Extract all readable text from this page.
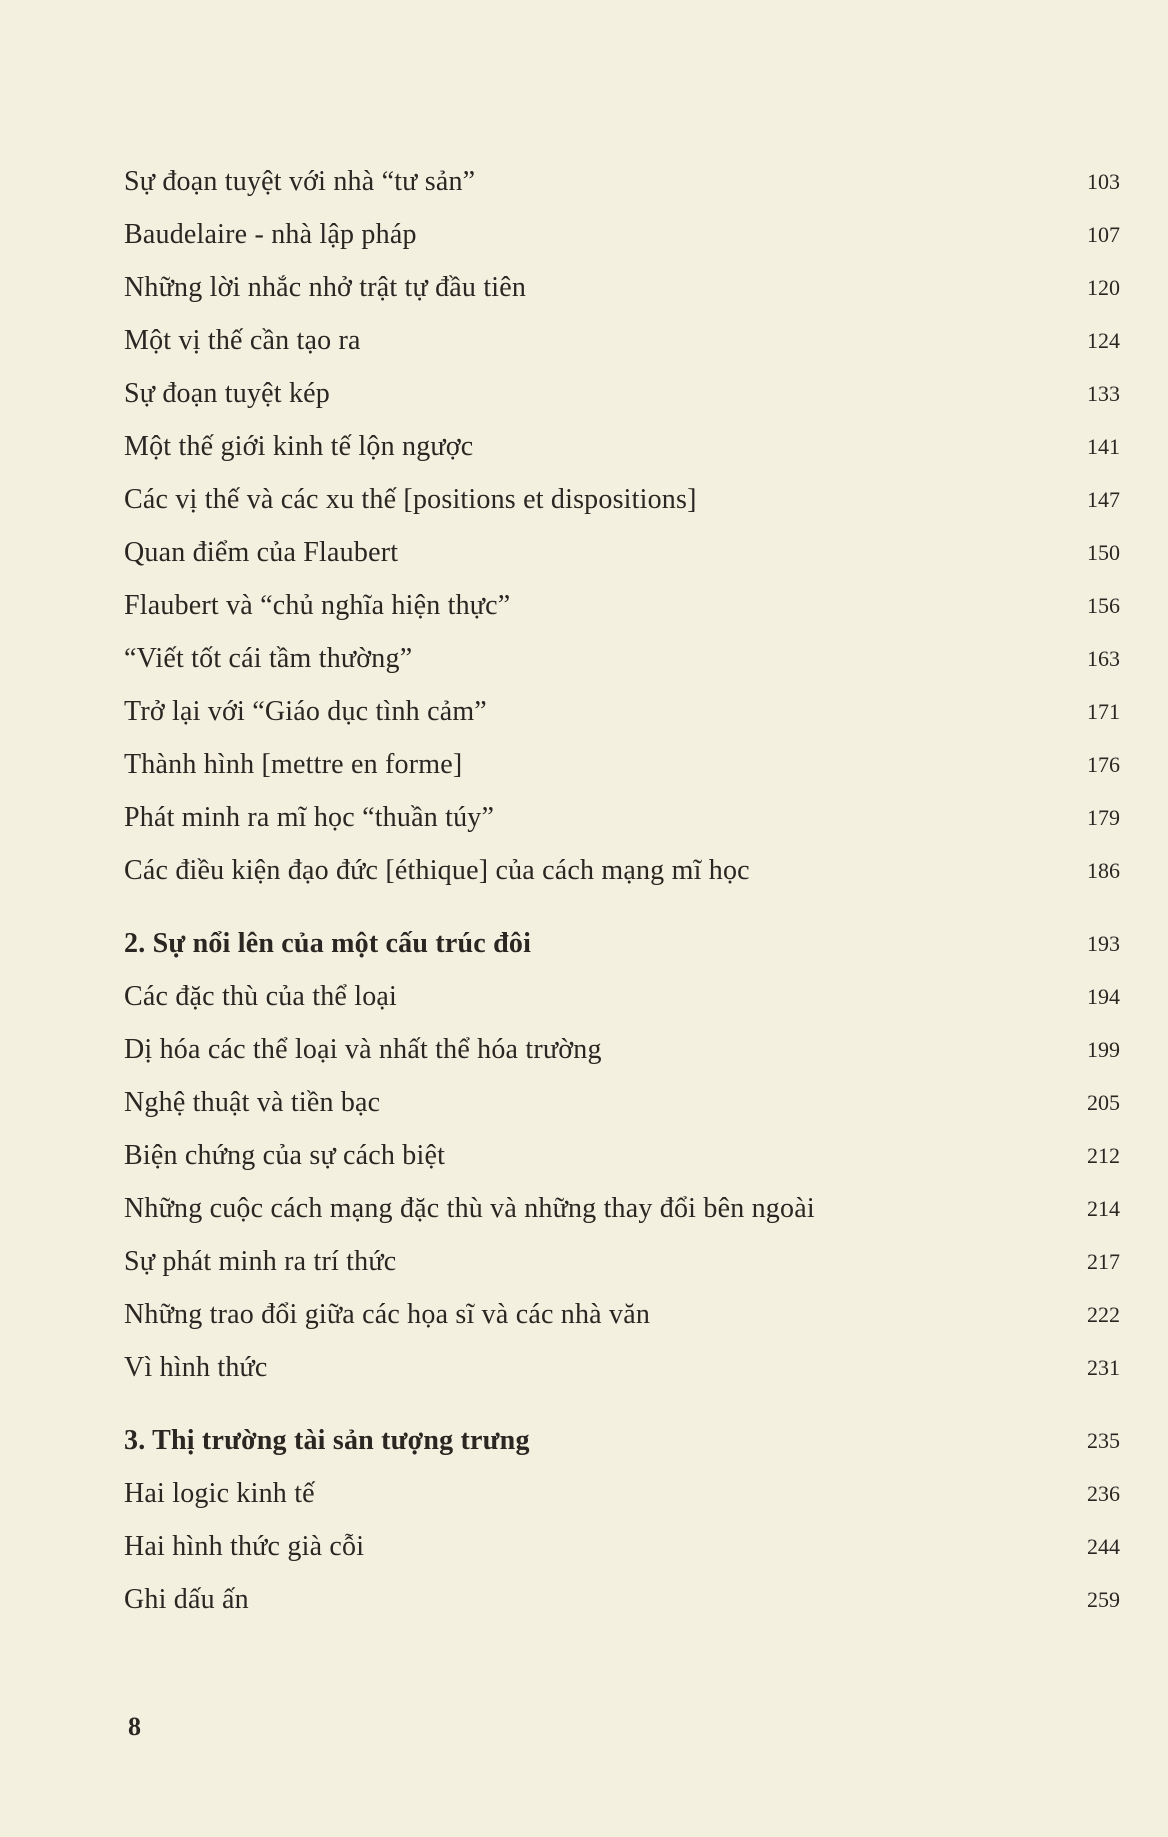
Sự đoạn tuyệt với nhà “tư sản”	103
Baudelaire - nhà lập pháp	107
Những lời nhắc nhở trật tự đầu tiên	120
Một vị thế cần tạo ra	124
Sự đoạn tuyệt kép	133
Một thế giới kinh tế lộn ngược	141
Các vị thế và các xu thế [positions et dispositions]	147
Quan điểm của Flaubert	150
Flaubert và “chủ nghĩa hiện thực”	156
“Viết tốt cái tầm thường”	163
Trở lại với “Giáo dục tình cảm”	171
Thành hình [mettre en forme]	176
Phát minh ra mĩ học “thuần túy”	179
Các điều kiện đạo đức [éthique] của cách mạng mĩ học	186
2. Sự nổi lên của một cấu trúc đôi	193
Các đặc thù của thể loại	194
Dị hóa các thể loại và nhất thể hóa trường	199
Nghệ thuật và tiền bạc	205
Biện chứng của sự cách biệt	212
Những cuộc cách mạng đặc thù và những thay đổi bên ngoài	214
Sự phát minh ra trí thức	217
Những trao đổi giữa các họa sĩ và các nhà văn	222
Vì hình thức	231
3. Thị trường tài sản tượng trưng	235
Hai logic kinh tế	236
Hai hình thức già cỗi	244
Ghi dấu ấn	259
8
